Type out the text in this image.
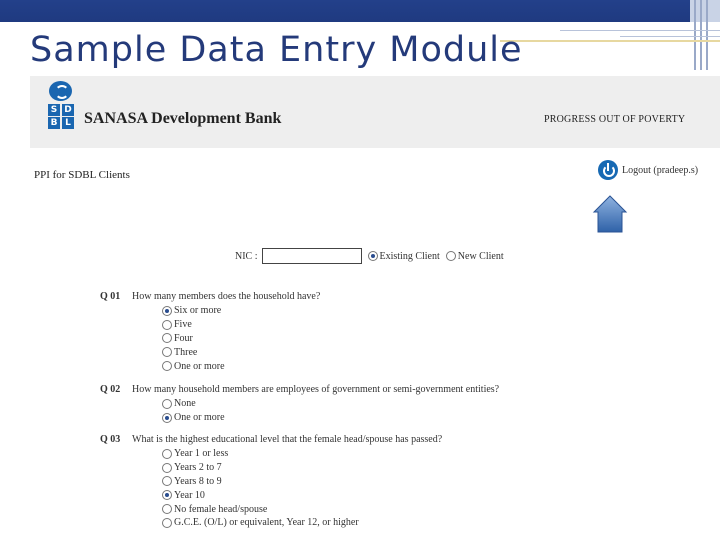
Sample Data Entry Module
S D
B L SANASA Development Bank	PROGRESS OUT OF POVERTY
PPI for SDBL Clients	Logout (pradeep.s)
NIC :	Existing Client New Client
Q 01 How many members does the household have?
Six or more
Five
Four
Three
One or more
Q 02 How many household members are employees of government or semi-government entities?
None
One or more
Q 03 What is the highest educational level that the female head/spouse has passed?
Year 1 or less
Years 2 to 7
Years 8 to 9
Year 10
No female head/spouse
G.C.E. (O/L) or equivalent, Year 12, or higher
